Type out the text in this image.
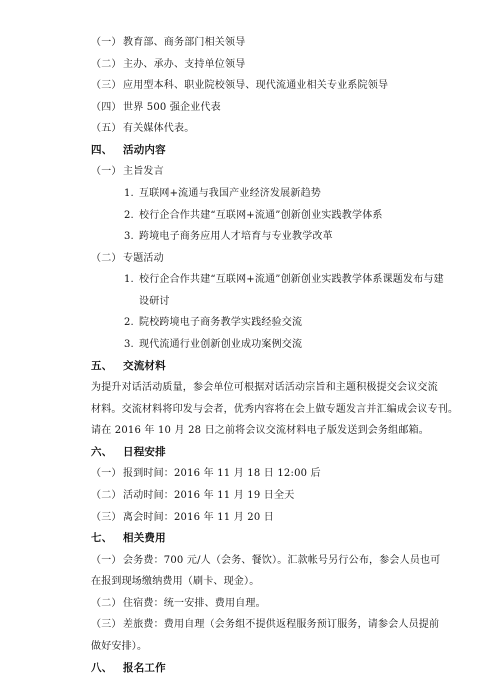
（一）教育部、商务部门相关领导
（二）主办、承办、支持单位领导
（三）应用型本科、职业院校领导、现代流通业相关专业系院领导
（四）世界 500 强企业代表
（五）有关媒体代表。
四、 活动内容
（一）主旨发言
1. 互联网+流通与我国产业经济发展新趋势
2. 校行企合作共建“互联网+流通”创新创业实践教学体系
3. 跨境电子商务应用人才培育与专业教学改革
（二）专题活动
1. 校行企合作共建“互联网+流通”创新创业实践教学体系课题发布与建
设研讨
2. 院校跨境电子商务教学实践经验交流
3. 现代流通行业创新创业成功案例交流
五、 交流材料
为提升对话活动质量，参会单位可根据对话活动宗旨和主题积极提交会议交流
材料。交流材料将印发与会者，优秀内容将在会上做专题发言并汇编成会议专刊。
请在 2016 年 10 月 28 日之前将会议交流材料电子版发送到会务组邮箱。
六、 日程安排
（一）报到时间：2016 年 11 月 18 日 12:00 后
（二）活动时间：2016 年 11 月 19 日全天
（三）离会时间：2016 年 11 月 20 日
七、 相关费用
（一）会务费：700 元/人（会务、餐饮）。汇款帐号另行公布，参会人员也可
在报到现场缴纳费用（刷卡、现金）。
（二）住宿费：统一安排、费用自理。
（三）差旅费：费用自理（会务组不提供返程服务预订服务，请参会人员提前
做好安排）。
八、 报名工作
